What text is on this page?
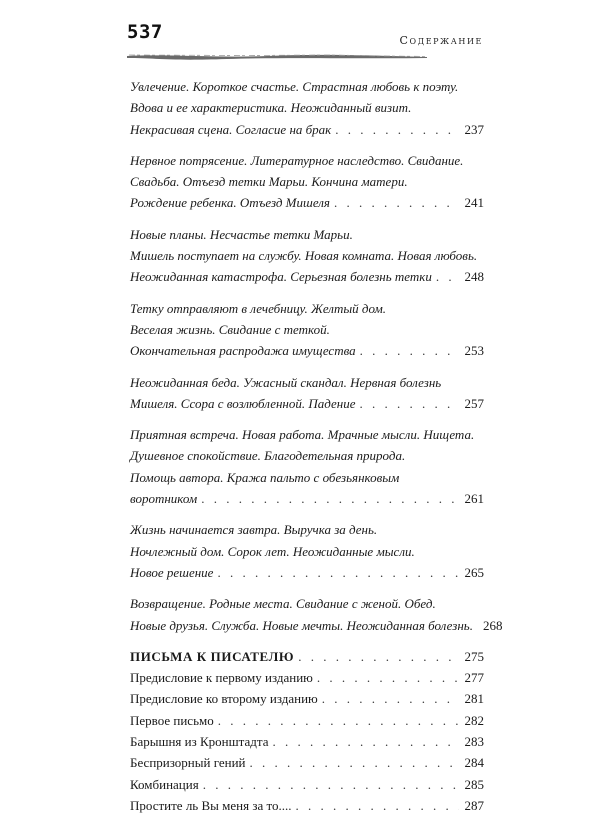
537	Содержание
Увлечение. Короткое счастье. Страстная любовь к поэту.
Вдова и ее характеристика. Неожиданный визит.
Некрасивая сцена. Согласие на брак . . .	237
Нервное потрясение. Литературное наследство. Свидание.
Свадьба. Отъезд тетки Марьи. Кончина матери.
Рождение ребенка. Отъезд Мишеля . . .	241
Новые планы. Несчастье тетки Марьи.
Мишель поступает на службу. Новая комната. Новая любовь.
Неожиданная катастрофа. Серьезная болезнь тетки . . .	248
Тетку отправляют в лечебницу. Желтый дом.
Веселая жизнь. Свидание с теткой.
Окончательная распродажа имущества . . .	253
Неожиданная беда. Ужасный скандал. Нервная болезнь
Мишеля. Ссора с возлюбленной. Падение . . .	257
Приятная встреча. Новая работа. Мрачные мысли. Нищета.
Душевное спокойствие. Благодетельная природа.
Помощь автора. Кража пальто с обезьянковым
воротником . . .	261
Жизнь начинается завтра. Выручка за день.
Ночлежный дом. Сорок лет. Неожиданные мысли.
Новое решение . . .	265
Возвращение. Родные места. Свидание с женой. Обед.
Новые друзья. Служба. Новые мечты. Неожиданная болезнь. . . . 268
ПИСЬМА К ПИСАТЕЛЮ . . .	275
Предисловие к первому изданию . . .	277
Предисловие ко второму изданию . . .	281
Первое письмо . . .	282
Барышня из Кронштадта . . .	283
Беспризорный гений . . .	284
Комбинация . . .	285
Простите ль Вы меня за то.... . . .	287
